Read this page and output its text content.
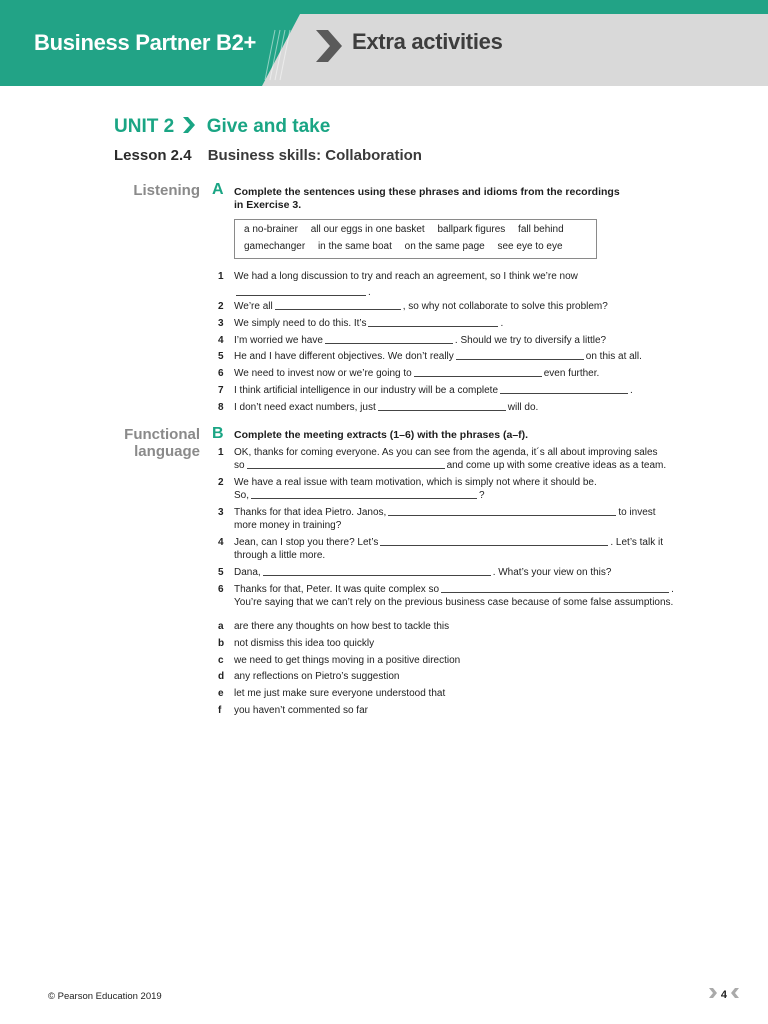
Business Partner B2+	Extra activities
UNIT 2 Give and take
Lesson 2.4 Business skills: Collaboration
Listening A Complete the sentences using these phrases and idioms from the recordings
in Exercise 3.
a no-brainer all our eggs in one basket ballpark figures fall behind
gamechanger in the same boat on the same page see eye to eye
1 We had a long discussion to try and reach an agreement, so I think we’re now
.
2 We’re all	, so why not collaborate to solve this problem?
3 We simply need to do this. It’s	.
4 I’m worried we have	. Should we try to diversify a little?
5 He and I have different objectives. We don’t really	on this at all.
6 We need to invest now or we’re going to	even further.
7 I think artificial intelligence in our industry will be a complete	.
8 I don’t need exact numbers, just	will do.
Functional
language
B Complete the meeting extracts (1–6) with the phrases (a–f).
1 OK, thanks for coming everyone. As you can see from the agenda, it´s all about improving sales
so	and come up with some creative ideas as a team.
2 We have a real issue with team motivation, which is simply not where it should be.
So,	?
3 Thanks for that idea Pietro. Janos,	to invest
more money in training?
4 Jean, can I stop you there? Let’s	. Let’s talk it
through a little more.
5 Dana,	. What’s your view on this?
6 Thanks for that, Peter. It was quite complex so	.
You’re saying that we can’t rely on the previous business case because of some false assumptions.
a are there any thoughts on how best to tackle this
b not dismiss this idea too quickly
c we need to get things moving in a positive direction
d any reflections on Pietro’s suggestion
e let me just make sure everyone understood that
f you haven’t commented so far
© Pearson Education 2019	4
